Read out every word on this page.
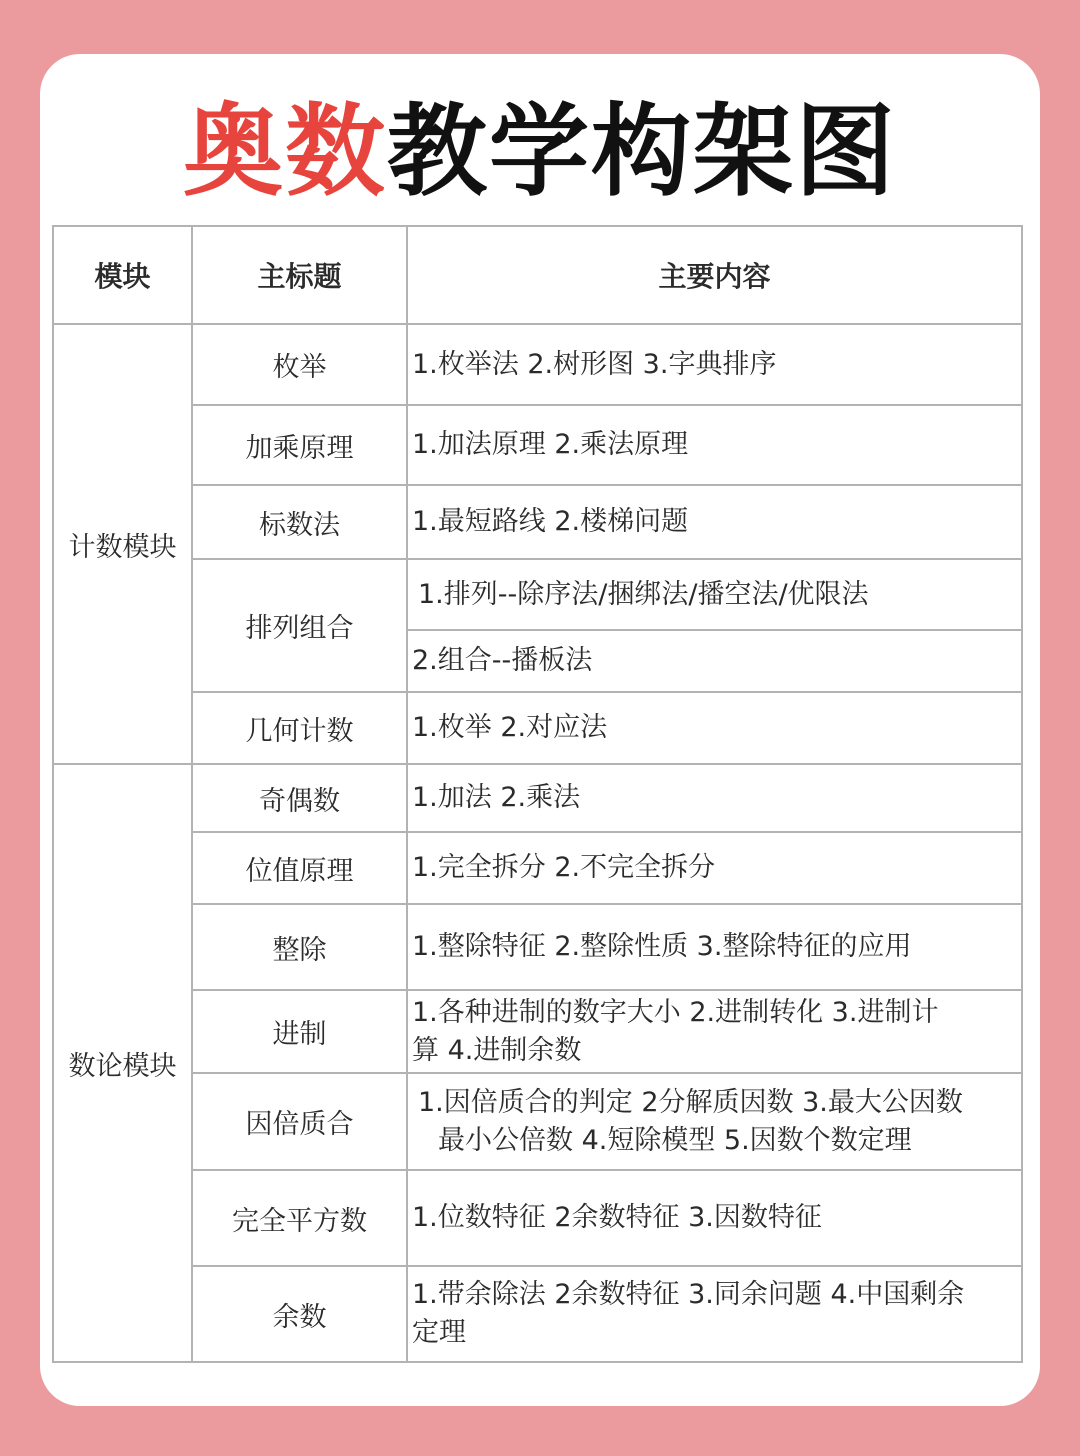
奥数教学构架图
模块	主标题	主要内容
计数模块	枚举	1.枚举法 2.树形图 3.字典排序
	加乘原理	1.加法原理 2.乘法原理
	标数法	1.最短路线 2.楼梯问题
	排列组合	1.排列--除序法/捆绑法/播空法/优限法
		2.组合--播板法
	几何计数	1.枚举 2.对应法
数论模块	奇偶数	1.加法 2.乘法
	位值原理	1.完全拆分 2.不完全拆分
	整除	1.整除特征 2.整除性质 3.整除特征的应用
	进制	1.各种进制的数字大小 2.进制转化 3.进制计
算 4.进制余数

	因倍质合	1.因倍质合的判定 2分解质因数 3.最大公因数
最小公倍数 4.短除模型 5.因数个数定理

	完全平方数	1.位数特征 2余数特征 3.因数特征
	余数	1.带余除法 2余数特征 3.同余问题 4.中国剩余
定理
